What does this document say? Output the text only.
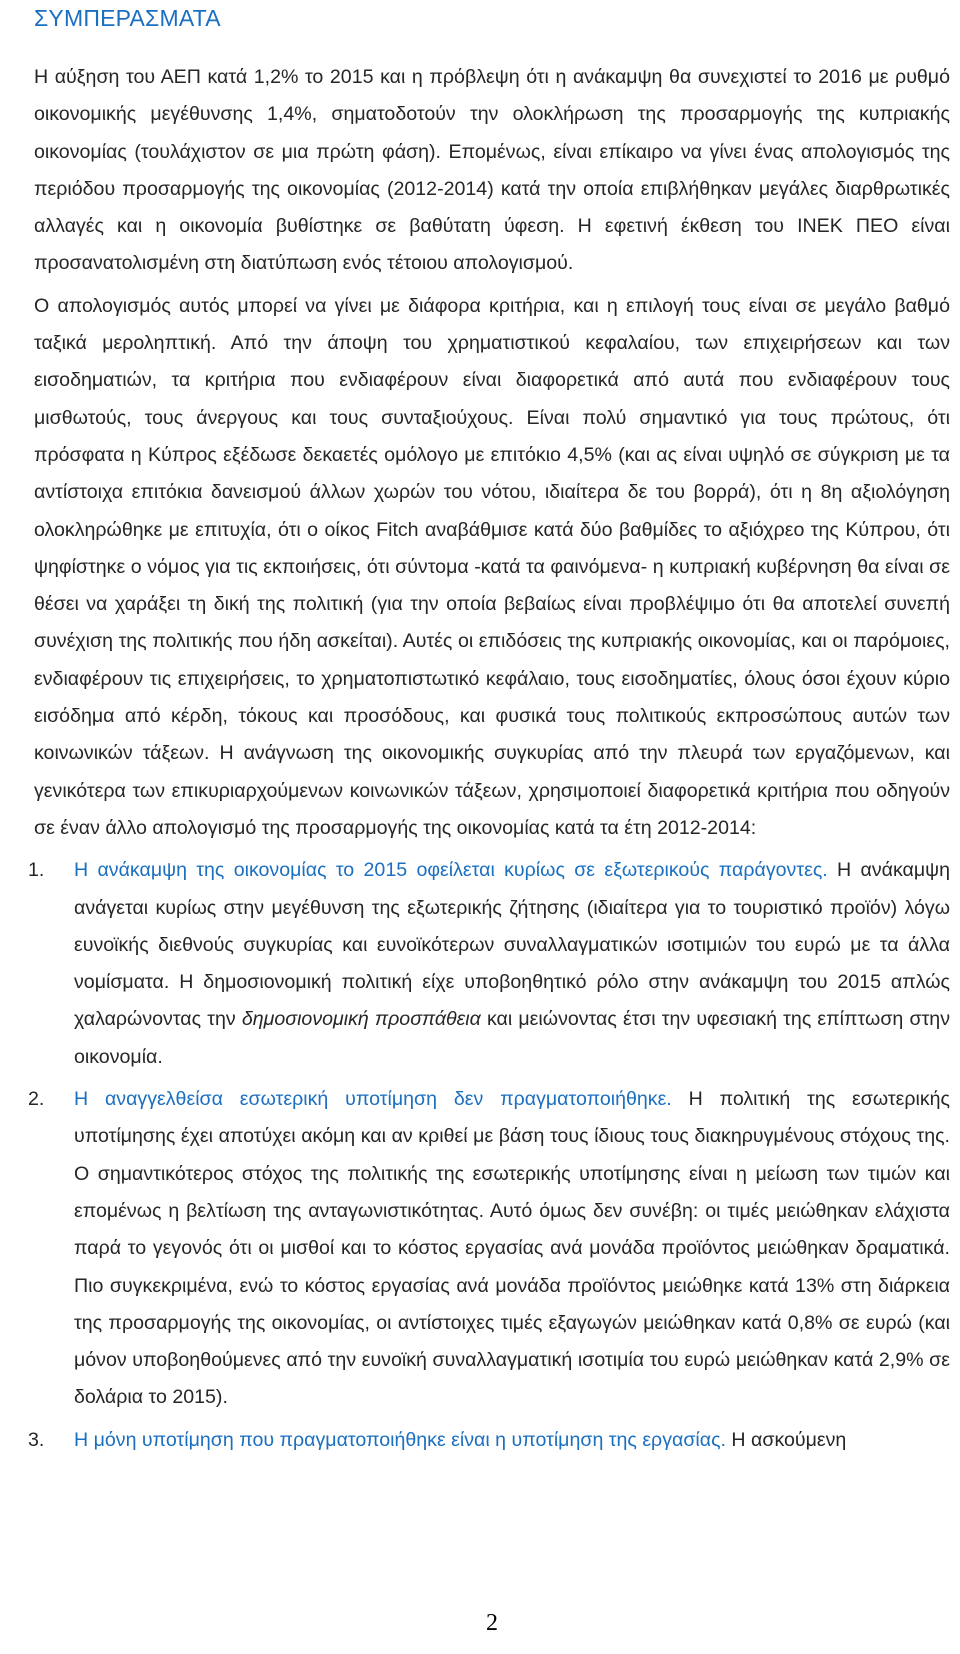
ΣΥΜΠΕΡΑΣΜΑΤΑ

Η αύξηση του ΑΕΠ κατά 1,2% το 2015 και η πρόβλεψη ότι η ανάκαμψη θα συνεχιστεί το 2016 με ρυθμό οικονομικής μεγέθυνσης 1,4%, σηματοδοτούν την ολοκλήρωση της προσαρμογής της κυπριακής οικονομίας (τουλάχιστον σε μια πρώτη φάση). Επομένως, είναι επίκαιρο να γίνει ένας απολογισμός της περιόδου προσαρμογής της οικονομίας (2012-2014) κατά την οποία επιβλήθηκαν μεγάλες διαρθρωτικές αλλαγές και η οικονομία βυθίστηκε σε βαθύτατη ύφεση. Η εφετινή έκθεση του ΙΝΕΚ ΠΕΟ είναι προσανατολισμένη στη διατύπωση ενός τέτοιου απολογισμού.

Ο απολογισμός αυτός μπορεί να γίνει με διάφορα κριτήρια, και η επιλογή τους είναι σε μεγάλο βαθμό ταξικά μεροληπτική. Από την άποψη του χρηματιστικού κεφαλαίου, των επιχειρήσεων και των εισοδηματιών, τα κριτήρια που ενδιαφέρουν είναι διαφορετικά από αυτά που ενδιαφέρουν τους μισθωτούς, τους άνεργους και τους συνταξιούχους. Είναι πολύ σημαντικό για τους πρώτους, ότι πρόσφατα η Κύπρος εξέδωσε δεκαετές ομόλογο με επιτόκιο 4,5% (και ας είναι υψηλό σε σύγκριση με τα αντίστοιχα επιτόκια δανεισμού άλλων χωρών του νότου, ιδιαίτερα δε του βορρά), ότι η 8η αξιολόγηση ολοκληρώθηκε με επιτυχία, ότι ο οίκος Fitch αναβάθμισε κατά δύο βαθμίδες το αξιόχρεο της Κύπρου, ότι ψηφίστηκε ο νόμος για τις εκποιήσεις, ότι σύντομα -κατά τα φαινόμενα- η κυπριακή κυβέρνηση θα είναι σε θέσει να χαράξει τη δική της πολιτική (για την οποία βεβαίως είναι προβλέψιμο ότι θα αποτελεί συνεπή συνέχιση της πολιτικής που ήδη ασκείται). Αυτές οι επιδόσεις της κυπριακής οικονομίας, και οι παρόμοιες, ενδιαφέρουν τις επιχειρήσεις, το χρηματοπιστωτικό κεφάλαιο, τους εισοδηματίες, όλους όσοι έχουν κύριο εισόδημα από κέρδη, τόκους και προσόδους, και φυσικά τους πολιτικούς εκπροσώπους αυτών των κοινωνικών τάξεων. Η ανάγνωση της οικονομικής συγκυρίας από την πλευρά των εργαζόμενων, και γενικότερα των επικυριαρχούμενων κοινωνικών τάξεων, χρησιμοποιεί διαφορετικά κριτήρια που οδηγούν σε έναν άλλο απολογισμό της προσαρμογής της οικονομίας κατά τα έτη 2012-2014:

1. Η ανάκαμψη της οικονομίας το 2015 οφείλεται κυρίως σε εξωτερικούς παράγοντες. Η ανάκαμψη ανάγεται κυρίως στην μεγέθυνση της εξωτερικής ζήτησης (ιδιαίτερα για το τουριστικό προϊόν) λόγω ευνοϊκής διεθνούς συγκυρίας και ευνοϊκότερων συναλλαγματικών ισοτιμιών του ευρώ με τα άλλα νομίσματα. Η δημοσιονομική πολιτική είχε υποβοηθητικό ρόλο στην ανάκαμψη του 2015 απλώς χαλαρώνοντας την δημοσιονομική προσπάθεια και μειώνοντας έτσι την υφεσιακή της επίπτωση στην οικονομία.
2. Η αναγγελθείσα εσωτερική υποτίμηση δεν πραγματοποιήθηκε. Η πολιτική της εσωτερικής υποτίμησης έχει αποτύχει ακόμη και αν κριθεί με βάση τους ίδιους τους διακηρυγμένους στόχους της. Ο σημαντικότερος στόχος της πολιτικής της εσωτερικής υποτίμησης είναι η μείωση των τιμών και επομένως η βελτίωση της ανταγωνιστικότητας. Αυτό όμως δεν συνέβη: οι τιμές μειώθηκαν ελάχιστα παρά το γεγονός ότι οι μισθοί και το κόστος εργασίας ανά μονάδα προϊόντος μειώθηκαν δραματικά. Πιο συγκεκριμένα, ενώ το κόστος εργασίας ανά μονάδα προϊόντος μειώθηκε κατά 13% στη διάρκεια της προσαρμογής της οικονομίας, οι αντίστοιχες τιμές εξαγωγών μειώθηκαν κατά 0,8% σε ευρώ (και μόνον υποβοηθούμενες από την ευνοϊκή συναλλαγματική ισοτιμία του ευρώ μειώθηκαν κατά 2,9% σε δολάρια το 2015).
3. Η μόνη υποτίμηση που πραγματοποιήθηκε είναι η υποτίμηση της εργασίας. Η ασκούμενη
2
